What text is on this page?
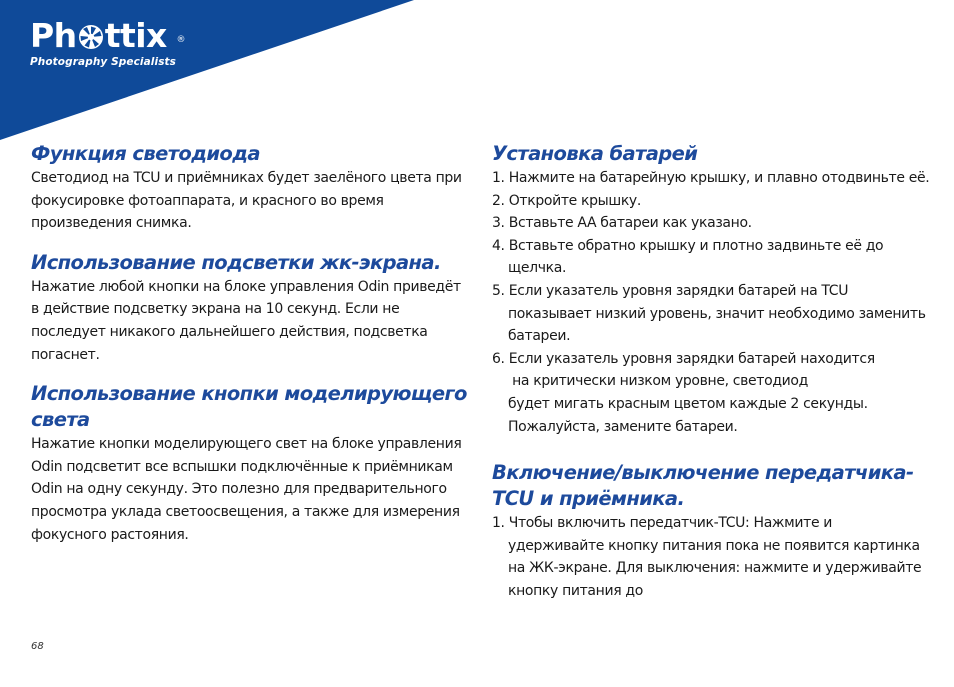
Ph ttix ®
Photography Specialists
Функция светодиода

Светодиод на TCU и приёмниках будет заелёного цвета при фокусировке фотоаппарата, и красного во время произведения снимка.

Использование подсветки жк-экрана.

Нажатие любой кнопки на блоке управления Odin приведёт в действие подсветку экрана на 10 секунд. Если не последует никакого дальнейшего действия, подсветка погаснет.

Использование кнопки моделирующего света

Нажатие кнопки моделирующего свет на блоке управления Odin подсветит все вспышки подключённые к приёмникам Odin на одну секунду. Это полезно для предварительного просмотра уклада светоосвещения, а также для измерения фокусного растояния.

Установка батарей
1. Нажмите на батарейную крышку, и плавно отодвиньте её.
2. Откройте крышку.
3. Вставьте AA батареи как указано.
4. Вставьте обратно крышку и плотно задвиньте её до щелчка.
5. Если указатель уровня зарядки батарей на TCU показывает низкий уровень, значит необходимо заменить батареи.
6. Если указатель уровня зарядки батарей находится
на критически низком уровне, светодиод
будет мигать красным цветом каждые 2 секунды. Пожалуйста, замените батареи.
Включение/выключение передатчика-TCU и приёмника.
1. Чтобы включить передатчик-TCU: Нажмите и удерживайте кнопку питания пока не появится картинка на ЖК-экране. Для выключения: нажмите и удерживайте кнопку питания до
68
